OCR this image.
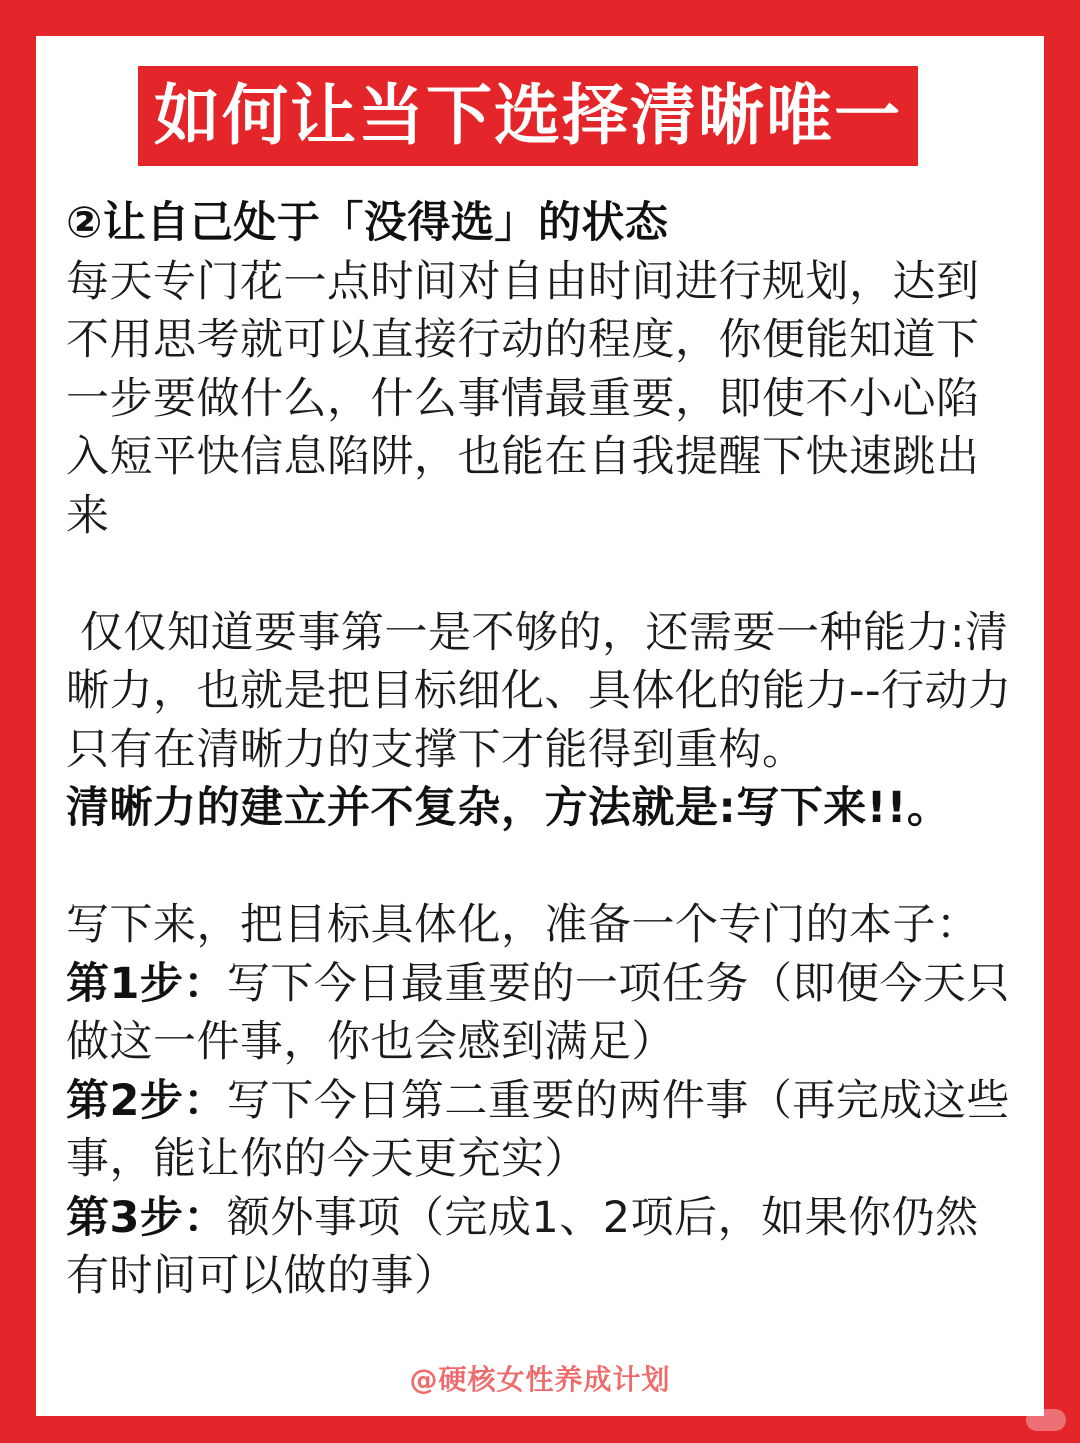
如何让当下选择清晰唯一

②让自己处于「没得选」的状态

每天专门花一点时间对自由时间进行规划，达到不用思考就可以直接行动的程度，你便能知道下一步要做什么，什么事情最重要，即使不小心陷入短平快信息陷阱，也能在自我提醒下快速跳出来

仅仅知道要事第一是不够的，还需要一种能力:清晰力，也就是把目标细化、具体化的能力--行动力只有在清晰力的支撑下才能得到重构。

清晰力的建立并不复杂，方法就是:写下来!!。

写下来，把目标具体化，准备一个专门的本子：

第1步：写下今日最重要的一项任务（即便今天只做这一件事，你也会感到满足）

第2步：写下今日第二重要的两件事（再完成这些事，能让你的今天更充实）

第3步：额外事项（完成1、2项后，如果你仍然有时间可以做的事）

@硬核女性养成计划
